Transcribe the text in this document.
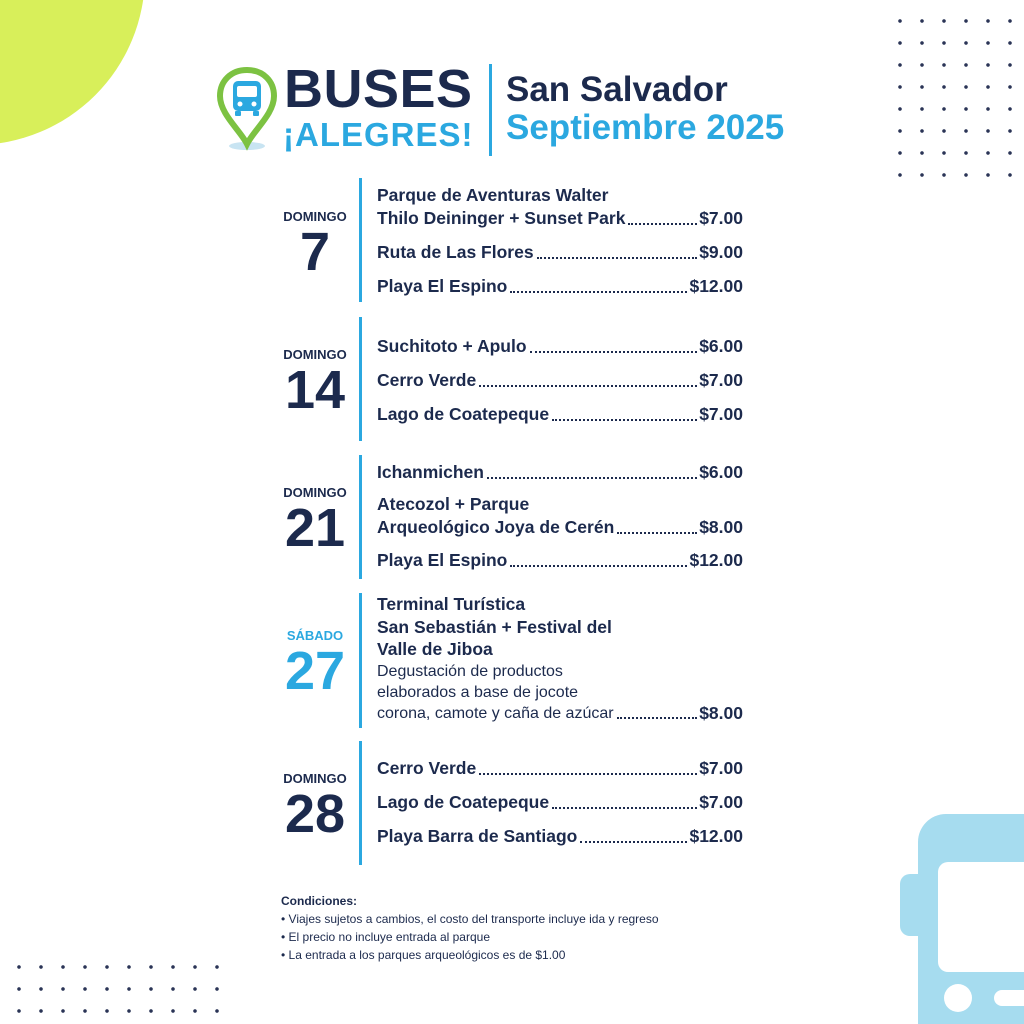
BUSES
¡ALEGRES!
San Salvador
Septiembre 2025
DOMINGO
7
Parque de Aventuras Walter
Thilo Deininger + Sunset Park	$7.00
Ruta de Las Flores	$9.00
Playa El Espino	$12.00
DOMINGO
14
Suchitoto + Apulo	$6.00
Cerro Verde	$7.00
Lago de Coatepeque	$7.00
DOMINGO
21
Ichanmichen	$6.00
Atecozol + Parque
Arqueológico Joya de Cerén	$8.00
Playa El Espino	$12.00
SÁBADO
27
Terminal Turística
San Sebastián + Festival del
Valle de Jiboa
Degustación de productos
elaborados a base de jocote
corona, camote y caña de azúcar	$8.00
DOMINGO
28
Cerro Verde	$7.00
Lago de Coatepeque	$7.00
Playa Barra de Santiago	$12.00
Condiciones:
• Viajes sujetos a cambios, el costo del transporte incluye ida y regreso
• El precio no incluye entrada al parque
• La entrada a los parques arqueológicos es de $1.00
